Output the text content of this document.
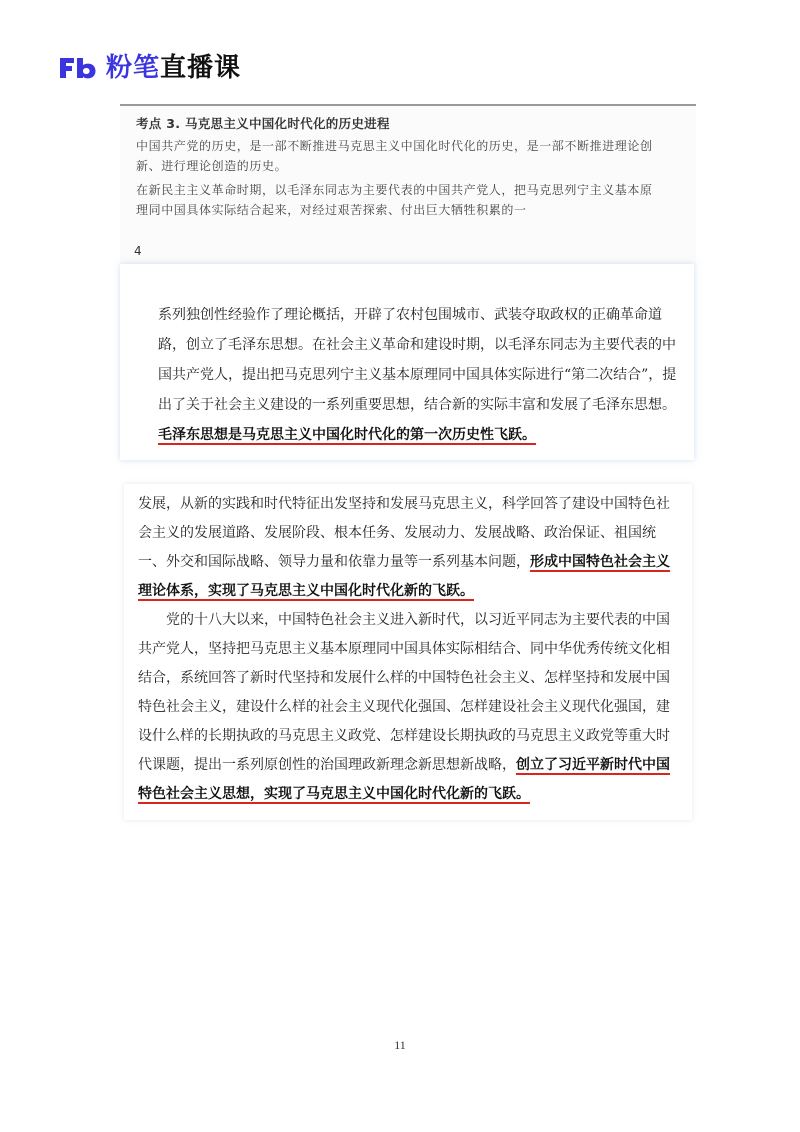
粉笔直播课
考点 3. 马克思主义中国化时代化的历史进程

中国共产党的历史，是一部不断推进马克思主义中国化时代化的历史，是一部不断推进理论创新、进行理论创造的历史。

在新民主主义革命时期，以毛泽东同志为主要代表的中国共产党人，把马克思列宁主义基本原理同中国具体实际结合起来，对经过艰苦探索、付出巨大牺牲积累的一

4

系列独创性经验作了理论概括，开辟了农村包围城市、武装夺取政权的正确革命道路，创立了毛泽东思想。在社会主义革命和建设时期，以毛泽东同志为主要代表的中国共产党人，提出把马克思列宁主义基本原理同中国具体实际进行“第二次结合”，提出了关于社会主义建设的一系列重要思想，结合新的实际丰富和发展了毛泽东思想。毛泽东思想是马克思主义中国化时代化的第一次历史性飞跃。

发展，从新的实践和时代特征出发坚持和发展马克思主义，科学回答了建设中国特色社会主义的发展道路、发展阶段、根本任务、发展动力、发展战略、政治保证、祖国统一、外交和国际战略、领导力量和依靠力量等一系列基本问题，形成中国特色社会主义理论体系，实现了马克思主义中国化时代化新的飞跃。

党的十八大以来，中国特色社会主义进入新时代，以习近平同志为主要代表的中国共产党人，坚持把马克思主义基本原理同中国具体实际相结合、同中华优秀传统文化相结合，系统回答了新时代坚持和发展什么样的中国特色社会主义、怎样坚持和发展中国特色社会主义，建设什么样的社会主义现代化强国、怎样建设社会主义现代化强国，建设什么样的长期执政的马克思主义政党、怎样建设长期执政的马克思主义政党等重大时代课题，提出一系列原创性的治国理政新理念新思想新战略，创立了习近平新时代中国特色社会主义思想，实现了马克思主义中国化时代化新的飞跃。

11
